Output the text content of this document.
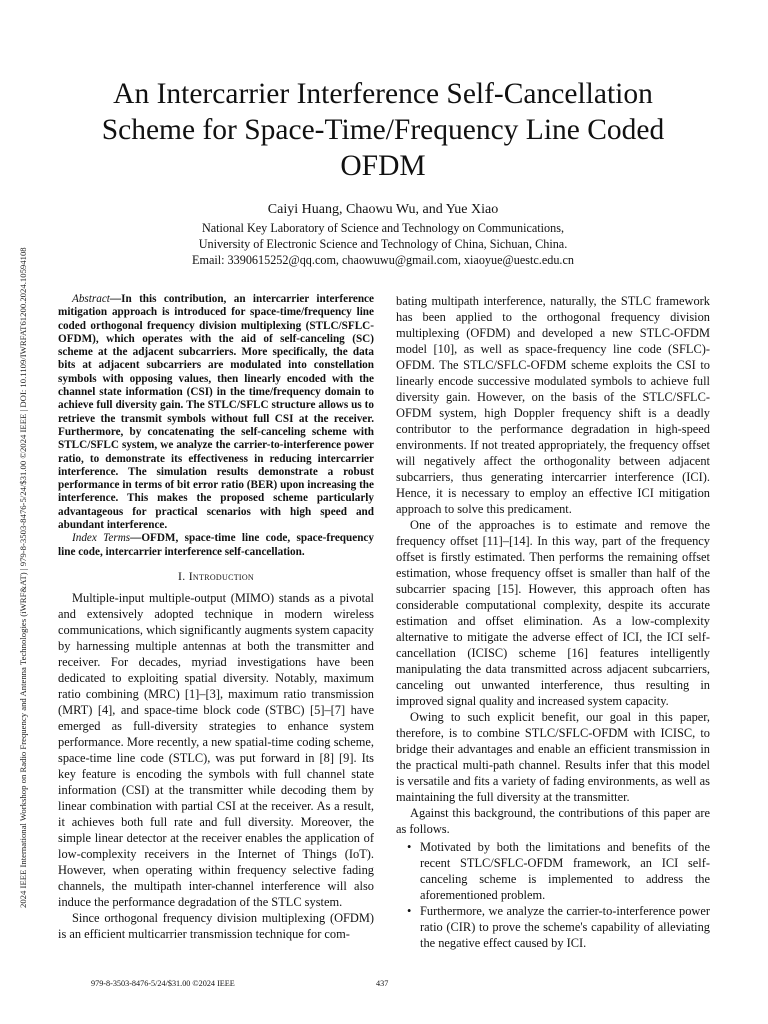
2024 IEEE International Workshop on Radio Frequency and Antenna Technologies (iWRF&AT) | 979-8-3503-8476-5/24/$31.00 ©2024 IEEE | DOI: 10.1109/IWRFAT61200.2024.10594108
An Intercarrier Interference Self-Cancellation Scheme for Space-Time/Frequency Line Coded OFDM
Caiyi Huang, Chaowu Wu, and Yue Xiao
National Key Laboratory of Science and Technology on Communications,
University of Electronic Science and Technology of China, Sichuan, China.
Email: 3390615252@qq.com, chaowuwu@gmail.com, xiaoyue@uestc.edu.cn

Abstract—In this contribution, an intercarrier interference mitigation approach is introduced for space-time/frequency line coded orthogonal frequency division multiplexing (STLC/SFLC-OFDM), which operates with the aid of self-canceling (SC) scheme at the adjacent subcarriers. More specifically, the data bits at adjacent subcarriers are modulated into constellation symbols with opposing values, then linearly encoded with the channel state information (CSI) in the time/frequency domain to achieve full diversity gain. The STLC/SFLC structure allows us to retrieve the transmit symbols without full CSI at the receiver. Furthermore, by concatenating the self-canceling scheme with STLC/SFLC system, we analyze the carrier-to-interference power ratio, to demonstrate its effectiveness in reducing intercarrier interference. The simulation results demonstrate a robust performance in terms of bit error ratio (BER) upon increasing the interference. This makes the proposed scheme particularly advantageous for practical scenarios with high speed and abundant interference.

Index Terms—OFDM, space-time line code, space-frequency line code, intercarrier interference self-cancellation.

I. Introduction

Multiple-input multiple-output (MIMO) stands as a pivotal and extensively adopted technique in modern wireless communications, which significantly augments system capacity by harnessing multiple antennas at both the transmitter and receiver. For decades, myriad investigations have been dedicated to exploiting spatial diversity. Notably, maximum ratio combining (MRC) [1]–[3], maximum ratio transmission (MRT) [4], and space-time block code (STBC) [5]–[7] have emerged as full-diversity strategies to enhance system performance. More recently, a new spatial-time coding scheme, space-time line code (STLC), was put forward in [8] [9]. Its key feature is encoding the symbols with full channel state information (CSI) at the transmitter while decoding them by linear combination with partial CSI at the receiver. As a result, it achieves both full rate and full diversity. Moreover, the simple linear detector at the receiver enables the application of low-complexity receivers in the Internet of Things (IoT). However, when operating within frequency selective fading channels, the multipath inter-channel interference will also induce the performance degradation of the STLC system.

Since orthogonal frequency division multiplexing (OFDM) is an efficient multicarrier transmission technique for com-

bating multipath interference, naturally, the STLC framework has been applied to the orthogonal frequency division multiplexing (OFDM) and developed a new STLC-OFDM model [10], as well as space-frequency line code (SFLC)-OFDM. The STLC/SFLC-OFDM scheme exploits the CSI to linearly encode successive modulated symbols to achieve full diversity gain. However, on the basis of the STLC/SFLC-OFDM system, high Doppler frequency shift is a deadly contributor to the performance degradation in high-speed environments. If not treated appropriately, the frequency offset will negatively affect the orthogonality between adjacent subcarriers, thus generating intercarrier interference (ICI). Hence, it is necessary to employ an effective ICI mitigation approach to solve this predicament.

One of the approaches is to estimate and remove the frequency offset [11]–[14]. In this way, part of the frequency offset is firstly estimated. Then performs the remaining offset estimation, whose frequency offset is smaller than half of the subcarrier spacing [15]. However, this approach often has considerable computational complexity, despite its accurate estimation and offset elimination. As a low-complexity alternative to mitigate the adverse effect of ICI, the ICI self-cancellation (ICISC) scheme [16] features intelligently manipulating the data transmitted across adjacent subcarriers, canceling out unwanted interference, thus resulting in improved signal quality and increased system capacity.

Owing to such explicit benefit, our goal in this paper, therefore, is to combine STLC/SFLC-OFDM with ICISC, to bridge their advantages and enable an efficient transmission in the practical multi-path channel. Results infer that this model is versatile and fits a variety of fading environments, as well as maintaining the full diversity at the transmitter.

Against this background, the contributions of this paper are as follows.

• Motivated by both the limitations and benefits of the recent STLC/SFLC-OFDM framework, an ICI self-canceling scheme is implemented to address the aforementioned problem.
• Furthermore, we analyze the carrier-to-interference power ratio (CIR) to prove the scheme's capability of alleviating the negative effect caused by ICI.
979-8-3503-8476-5/24/$31.00 ©2024 IEEE	437
